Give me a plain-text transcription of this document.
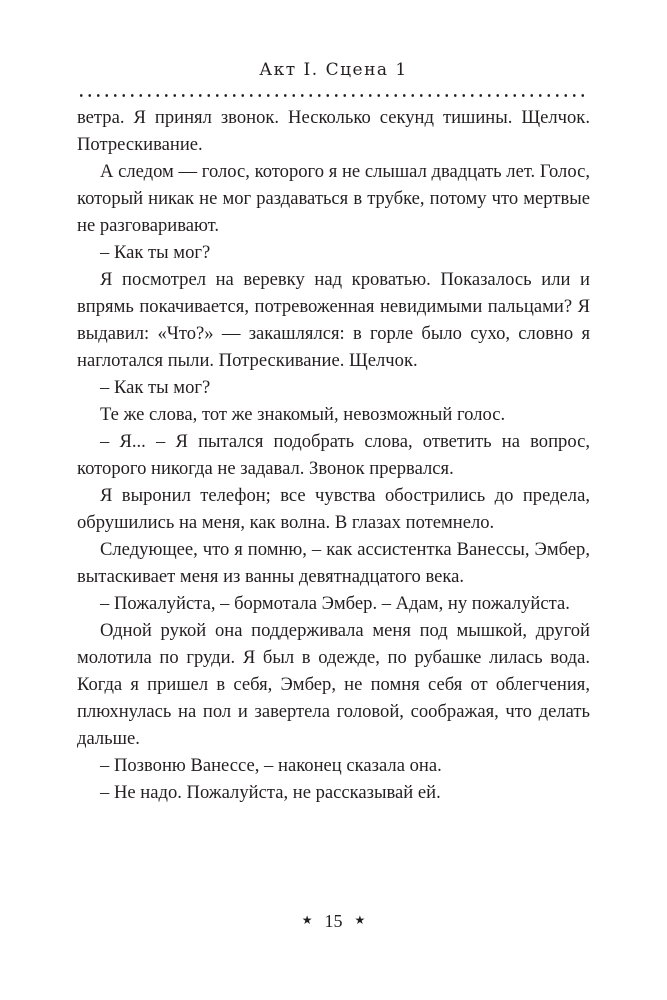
Акт I. Сцена 1

ветра. Я принял звонок. Несколько секунд тишины. Щелчок. Потрескивание.

А следом — голос, которого я не слышал двадцать лет. Голос, который никак не мог раздаваться в трубке, потому что мертвые не разговаривают.

– Как ты мог?

Я посмотрел на веревку над кроватью. Показалось или и впрямь покачивается, потревоженная невидимыми пальцами? Я выдавил: «Что?» — закашлялся: в горле было сухо, словно я наглотался пыли. Потрескивание. Щелчок.

– Как ты мог?

Те же слова, тот же знакомый, невозможный голос.

– Я... – Я пытался подобрать слова, ответить на вопрос, которого никогда не задавал. Звонок прервался.

Я выронил телефон; все чувства обострились до предела, обрушились на меня, как волна. В глазах потемнело.

Следующее, что я помню, – как ассистентка Ванессы, Эмбер, вытаскивает меня из ванны девятнадцатого века.

– Пожалуйста, – бормотала Эмбер. – Адам, ну пожалуйста.

Одной рукой она поддерживала меня под мышкой, другой молотила по груди. Я был в одежде, по рубашке лилась вода. Когда я пришел в себя, Эмбер, не помня себя от облегчения, плюхнулась на пол и завертела головой, соображая, что делать дальше.

– Позвоню Ванессе, – наконец сказала она.

– Не надо. Пожалуйста, не рассказывай ей.

★ 15 ★
